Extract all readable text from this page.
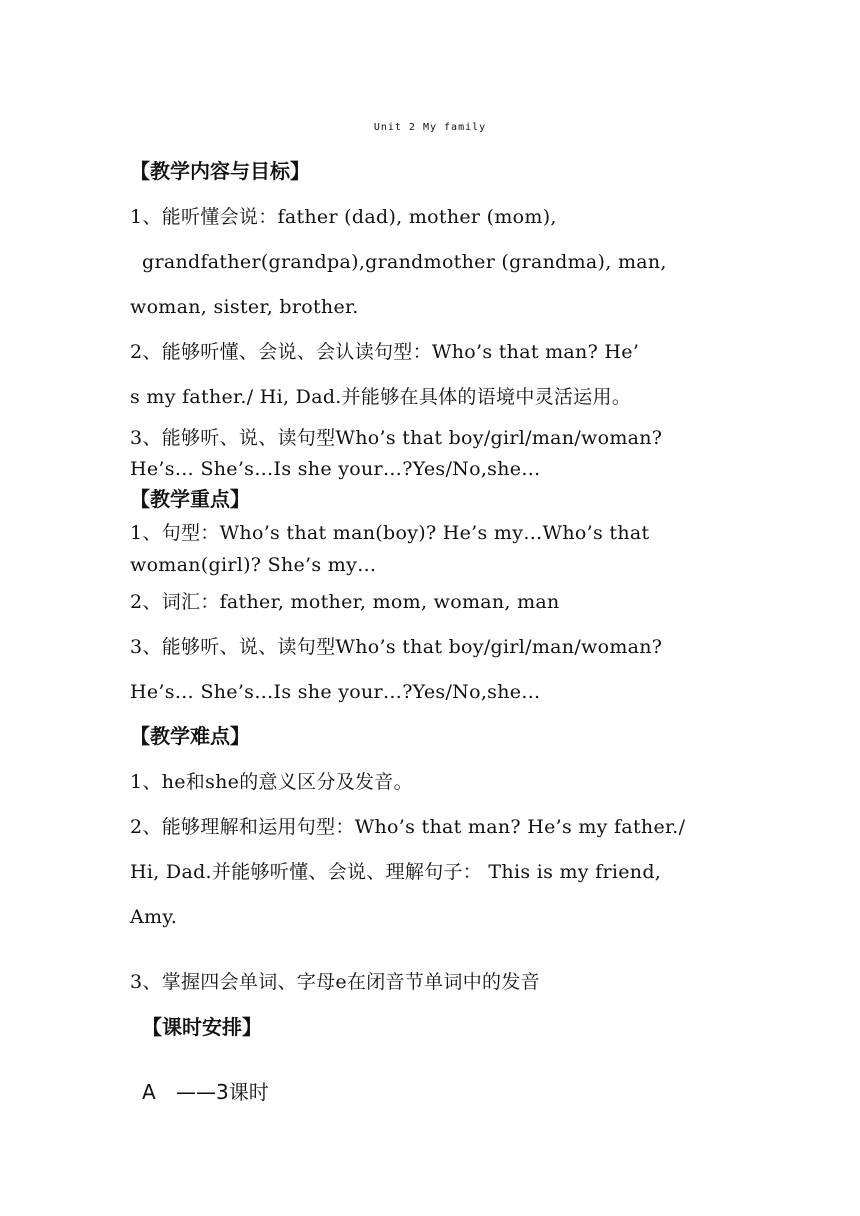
Unit 2 My family
【教学内容与目标】
1、能听懂会说：father (dad), mother (mom),
grandfather(grandpa),grandmother (grandma), man,
woman, sister, brother.
2、能够听懂、会说、会认读句型：Who’s that man? He’
s my father./ Hi, Dad.并能够在具体的语境中灵活运用。
3、能够听、说、读句型Who’s that boy/girl/man/woman?
He’s… She’s…Is she your…?Yes/No,she…
【教学重点】
1、句型：Who’s that man(boy)? He’s my…Who’s that
woman(girl)? She’s my…
2、词汇：father, mother, mom, woman, man
3、能够听、说、读句型Who’s that boy/girl/man/woman?
He’s… She’s…Is she your…?Yes/No,she…
【教学难点】
1、he和she的意义区分及发音。
2、能够理解和运用句型：Who’s that man? He’s my father./
Hi, Dad.并能够听懂、会说、理解句子： This is my friend,
Amy.
3、掌握四会单词、字母e在闭音节单词中的发音
【课时安排】
A ——3课时
